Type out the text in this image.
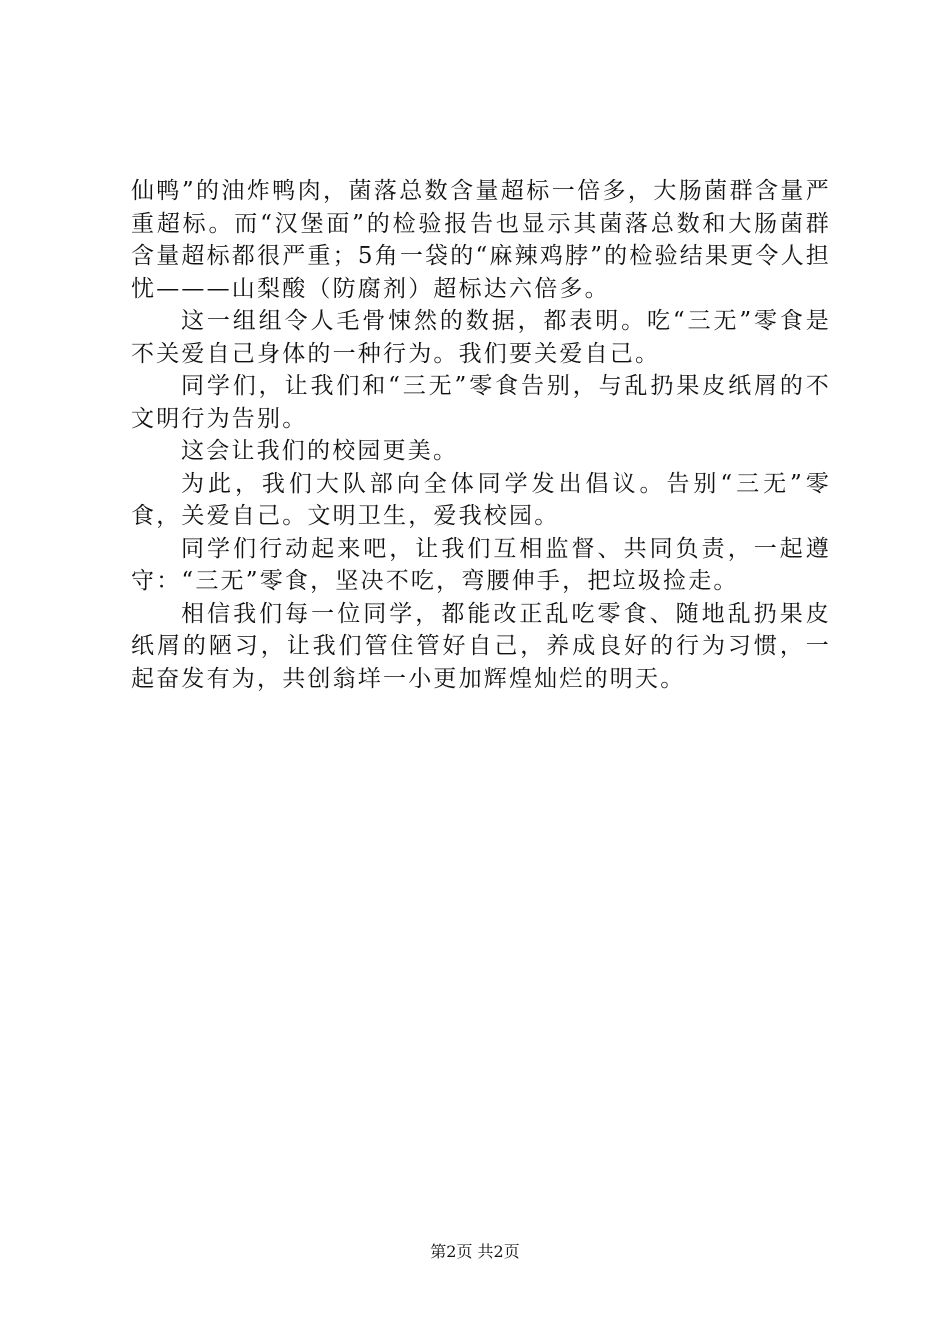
仙鸭”的油炸鸭肉，菌落总数含量超标一倍多，大肠菌群含量严重超标。而“汉堡面”的检验报告也显示其菌落总数和大肠菌群含量超标都很严重；5角一袋的“麻辣鸡脖”的检验结果更令人担忧———山梨酸（防腐剂）超标达六倍多。

这一组组令人毛骨悚然的数据，都表明。吃“三无”零食是不关爱自己身体的一种行为。我们要关爱自己。

同学们，让我们和“三无”零食告别，与乱扔果皮纸屑的不文明行为告别。

这会让我们的校园更美。

为此，我们大队部向全体同学发出倡议。告别“三无”零食，关爱自己。文明卫生，爱我校园。

同学们行动起来吧，让我们互相监督、共同负责，一起遵守：“三无”零食，坚决不吃，弯腰伸手，把垃圾捡走。

相信我们每一位同学，都能改正乱吃零食、随地乱扔果皮纸屑的陋习，让我们管住管好自己，养成良好的行为习惯，一起奋发有为，共创翁垟一小更加辉煌灿烂的明天。

第2页 共2页
